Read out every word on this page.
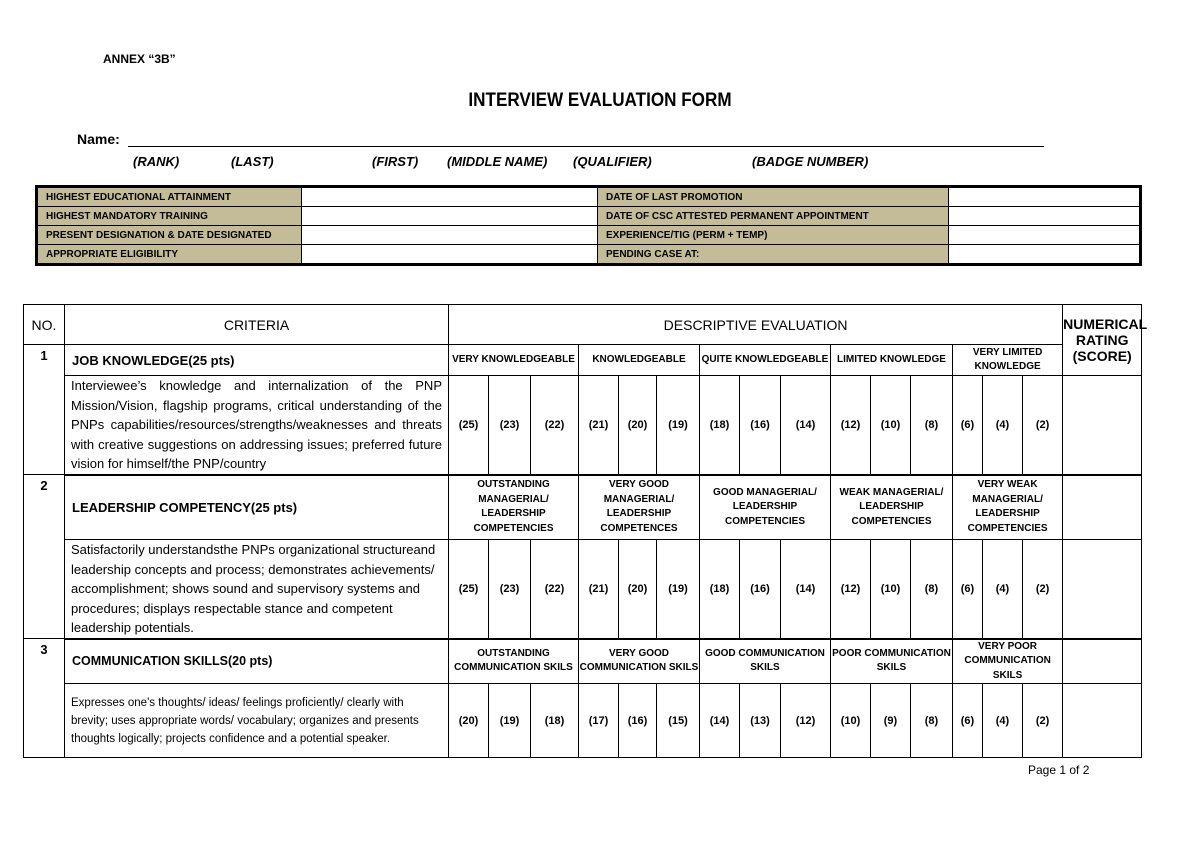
ANNEX “3B”
INTERVIEW EVALUATION FORM
Name:
(RANK)	(LAST)	(FIRST) (MIDDLE NAME) (QUALIFIER)	(BADGE NUMBER)
HIGHEST EDUCATIONAL ATTAINMENT		DATE OF LAST PROMOTION	
HIGHEST MANDATORY TRAINING		DATE OF CSC ATTESTED PERMANENT APPOINTMENT	
PRESENT DESIGNATION & DATE DESIGNATED		EXPERIENCE/TIG (PERM + TEMP)	
APPROPRIATE ELIGIBILITY		PENDING CASE AT:	
NO.	CRITERIA	DESCRIPTIVE EVALUATION															NUMERICAL RATING (SCORE)
1	JOB KNOWLEDGE(25 pts)	VERY KNOWLEDGEABLE			KNOWLEDGEABLE			QUITE KNOWLEDGEABLE			LIMITED KNOWLEDGE			VERY LIMITED KNOWLEDGE			
	Interviewee’s knowledge and internalization of the PNP Mission/Vision, flagship programs, critical understanding of the PNPs capabilities/resources/strengths/weaknesses and threats with creative suggestions on addressing issues; preferred future vision for himself/the PNP/country	(25)	(23)	(22)	(21)	(20)	(19)	(18)	(16)	(14)	(12)	(10)	(8)	(6)	(4)	(2)	
2	LEADERSHIP COMPETENCY(25 pts)	OUTSTANDING MANAGERIAL/ LEADERSHIP COMPETENCIES			VERY GOOD MANAGERIAL/ LEADERSHIP COMPETENCES			GOOD MANAGERIAL/ LEADERSHIP COMPETENCIES			WEAK MANAGERIAL/ LEADERSHIP COMPETENCIES			VERY WEAK MANAGERIAL/ LEADERSHIP COMPETENCIES			
	Satisfactorily understandsthe PNPs organizational structureand leadership concepts and process; demonstrates achievements/ accomplishment; shows sound and supervisory systems and procedures; displays respectable stance and competent leadership potentials.	(25)	(23)	(22)	(21)	(20)	(19)	(18)	(16)	(14)	(12)	(10)	(8)	(6)	(4)	(2)	
3	COMMUNICATION SKILLS(20 pts)	OUTSTANDING COMMUNICATION SKILS			VERY GOOD COMMUNICATION SKILS			GOOD COMMUNICATION SKILS			POOR COMMUNICATION SKILS			VERY POOR COMMUNICATION SKILS			
	Expresses one's thoughts/ ideas/ feelings proficiently/ clearly with brevity; uses appropriate words/ vocabulary; organizes and presents thoughts logically; projects confidence and a potential speaker.	(20)	(19)	(18)	(17)	(16)	(15)	(14)	(13)	(12)	(10)	(9)	(8)	(6)	(4)	(2)	
Page 1 of 2
